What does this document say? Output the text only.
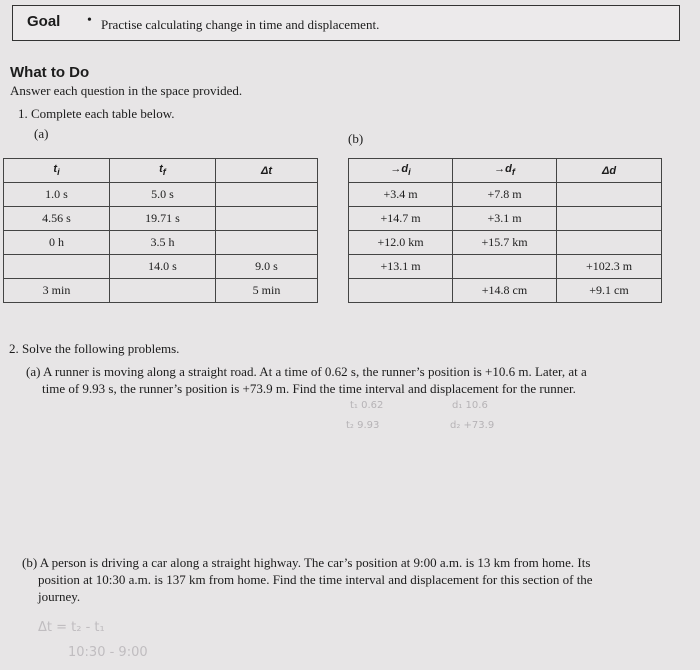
Goal • Practise calculating change in time and displacement.
What to Do
Answer each question in the space provided.
1. Complete each table below.
(a)	(b)
$t_i$	$t_f$	Δt
1.0 s	5.0 s	
4.56 s	19.71 s	
0 h	3.5 h	
	14.0 s	9.0 s
3 min		5 min
$\to d_i$	$\to d_f$	Δd
+3.4 m	+7.8 m	
+14.7 m	+3.1 m	
+12.0 km	+15.7 km	
+13.1 m		+102.3 m
	+14.8 cm	+9.1 cm
2. Solve the following problems.
(a) A runner is moving along a straight road. At a time of 0.62 s, the runner’s position is +10.6 m. Later, at a
time of 9.93 s, the runner’s position is +73.9 m. Find the time interval and displacement for the runner.
t₁ 0.62
t₂ 9.93
d₁ 10.6
d₂ +73.9
(b) A person is driving a car along a straight highway. The car’s position at 9:00 a.m. is 13 km from home. Its
position at 10:30 a.m. is 137 km from home. Find the time interval and displacement for this section of the
journey.
Δt = t₂ - t₁
10:30 - 9:00
